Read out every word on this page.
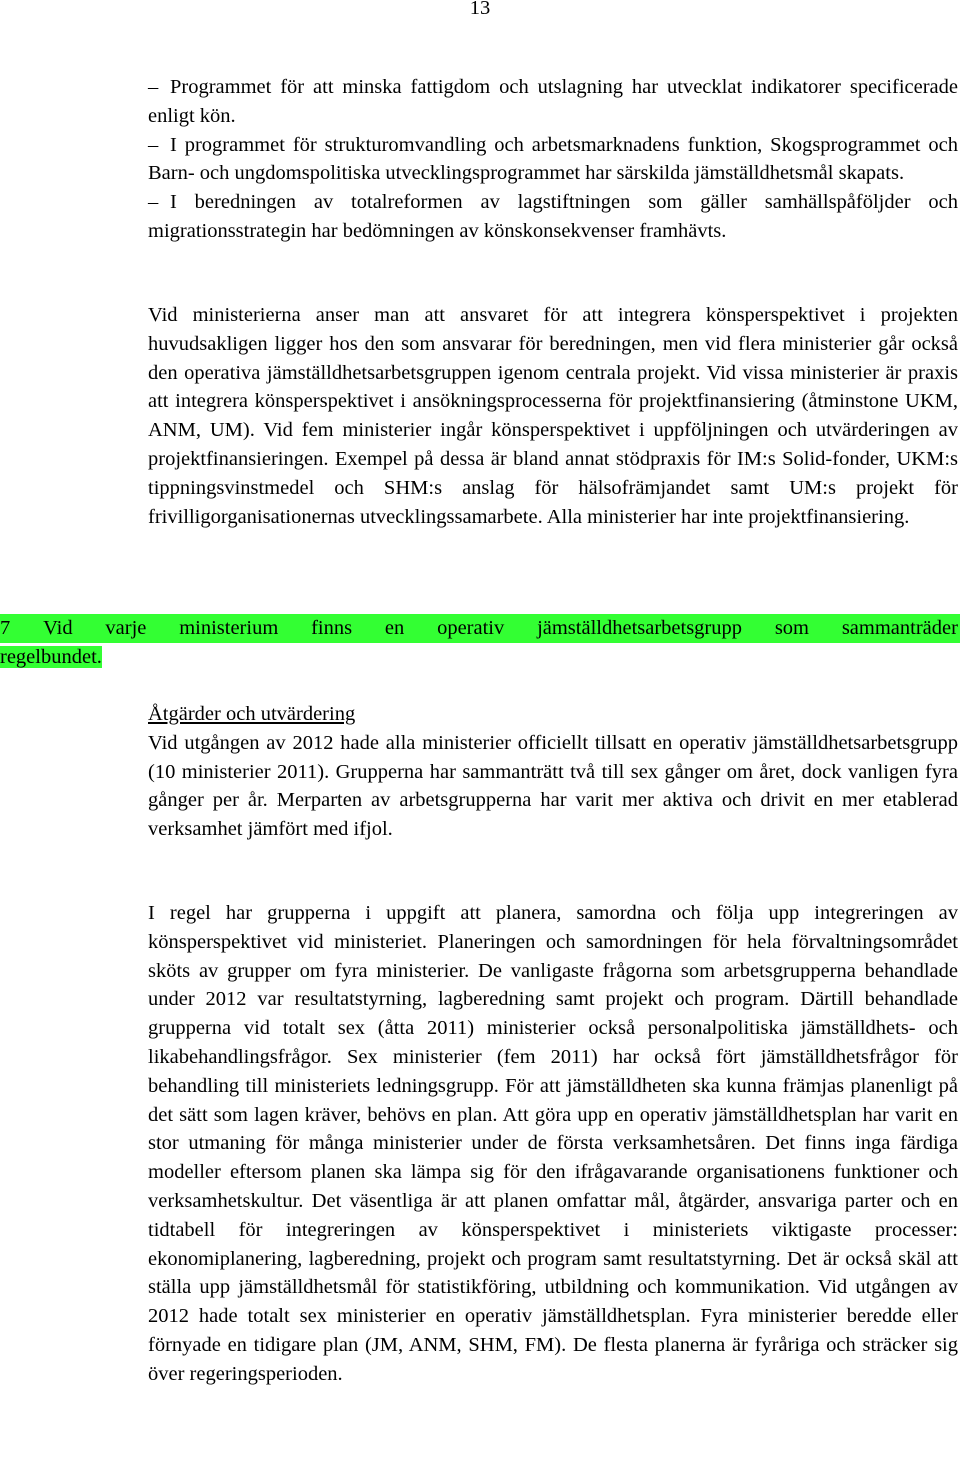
13
– Programmet för att minska fattigdom och utslagning har utvecklat indikatorer specificerade enligt kön.
– I programmet för strukturomvandling och arbetsmarknadens funktion, Skogsprogrammet och Barn- och ungdomspolitiska utvecklingsprogrammet har särskilda jämställdhetsmål skapats.
– I beredningen av totalreformen av lagstiftningen som gäller samhällspåföljder och migrationsstrategin har bedömningen av könskonsekvenser framhävts.

Vid ministerierna anser man att ansvaret för att integrera könsperspektivet i projekten huvudsakligen ligger hos den som ansvarar för beredningen, men vid flera ministerier går också den operativa jämställdhetsarbetsgruppen igenom centrala projekt. Vid vissa ministerier är praxis att integrera könsperspektivet i ansökningsprocesserna för projektfinansiering (åtminstone UKM, ANM, UM). Vid fem ministerier ingår könsperspektivet i uppföljningen och utvärderingen av projektfinansieringen. Exempel på dessa är bland annat stödpraxis för IM:s Solid-fonder, UKM:s tippningsvinstmedel och SHM:s anslag för hälsofrämjandet samt UM:s projekt för frivilligorganisationernas utvecklingssamarbete. Alla ministerier har inte projektfinansiering.

7 Vid varje ministerium finns en operativ jämställdhetsarbetsgrupp som sammanträder
regelbundet.
Åtgärder och utvärdering

Vid utgången av 2012 hade alla ministerier officiellt tillsatt en operativ jämställdhetsarbetsgrupp (10 ministerier 2011). Grupperna har sammanträtt två till sex gånger om året, dock vanligen fyra gånger per år. Merparten av arbetsgrupperna har varit mer aktiva och drivit en mer etablerad verksamhet jämfört med ifjol.

I regel har grupperna i uppgift att planera, samordna och följa upp integreringen av könsperspektivet vid ministeriet. Planeringen och samordningen för hela förvaltningsområdet sköts av grupper om fyra ministerier. De vanligaste frågorna som arbetsgrupperna behandlade under 2012 var resultatstyrning, lagberedning samt projekt och program. Därtill behandlade grupperna vid totalt sex (åtta 2011) ministerier också personalpolitiska jämställdhets- och likabehandlingsfrågor. Sex ministerier (fem 2011) har också fört jämställdhetsfrågor för behandling till ministeriets ledningsgrupp. För att jämställdheten ska kunna främjas planenligt på det sätt som lagen kräver, behövs en plan. Att göra upp en operativ jämställdhetsplan har varit en stor utmaning för många ministerier under de första verksamhetsåren. Det finns inga färdiga modeller eftersom planen ska lämpa sig för den ifrågavarande organisationens funktioner och verksamhetskultur. Det väsentliga är att planen omfattar mål, åtgärder, ansvariga parter och en tidtabell för integreringen av könsperspektivet i ministeriets viktigaste processer: ekonomiplanering, lagberedning, projekt och program samt resultatstyrning. Det är också skäl att ställa upp jämställdhetsmål för statistikföring, utbildning och kommunikation. Vid utgången av 2012 hade totalt sex ministerier en operativ jämställdhetsplan. Fyra ministerier beredde eller förnyade en tidigare plan (JM, ANM, SHM, FM). De flesta planerna är fyråriga och sträcker sig över regeringsperioden.
